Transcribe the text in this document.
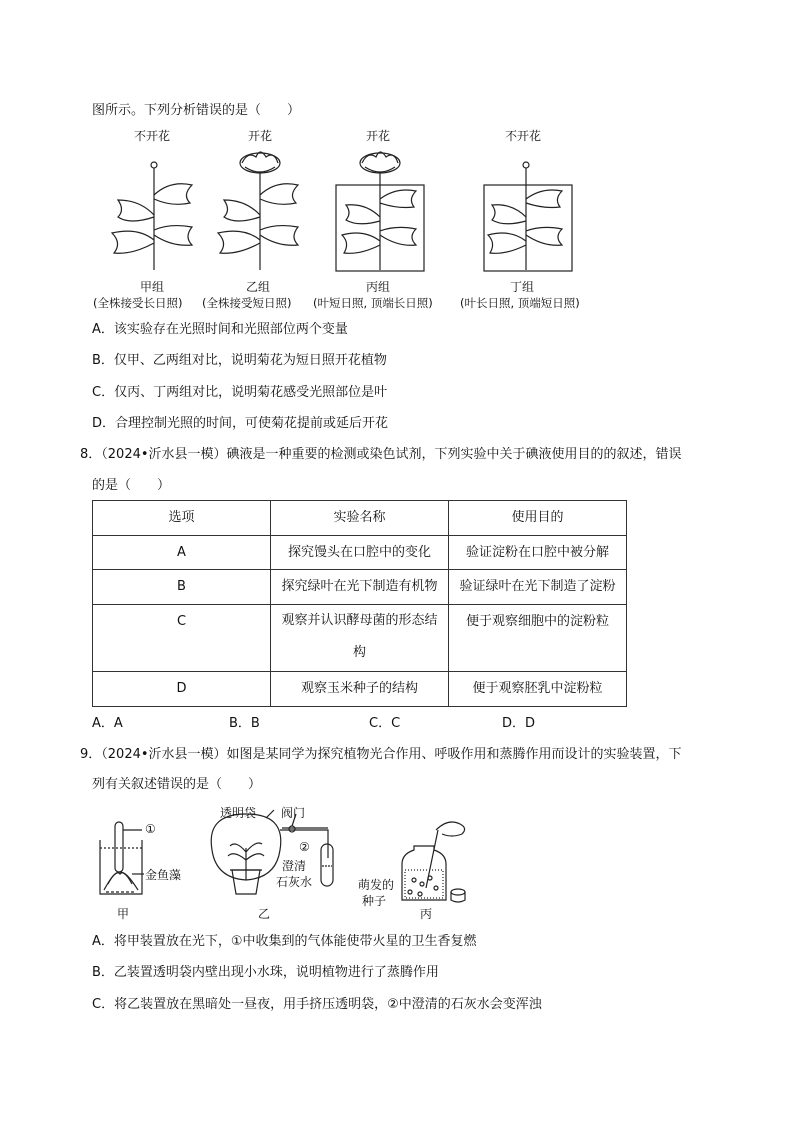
图所示。下列分析错误的是（　　）
不开花	开花	开花	不开花
甲组	乙组	丙组	丁组
(全株接受长日照) (全株接受短日照) (叶短日照, 顶端长日照) (叶长日照, 顶端短日照)
A．该实验存在光照时间和光照部位两个变量
B．仅甲、乙两组对比，说明菊花为短日照开花植物
C．仅丙、丁两组对比，说明菊花感受光照部位是叶
D．合理控制光照的时间，可使菊花提前或延后开花
8．（2024•沂水县一模）碘液是一种重要的检测或染色试剂，下列实验中关于碘液使用目的的叙述，错误
的是（　　）
选项	实验名称	使用目的
A	探究馒头在口腔中的变化	验证淀粉在口腔中被分解
B	探究绿叶在光下制造有机物	验证绿叶在光下制造了淀粉
C	观察并认识酵母菌的形态结
构	便于观察细胞中的淀粉粒
D	观察玉米种子的结构	便于观察胚乳中淀粉粒
A．A	B．B	C．C	D．D
9．（2024•沂水县一模）如图是某同学为探究植物光合作用、呼吸作用和蒸腾作用而设计的实验装置，下
列有关叙述错误的是（　　）
①
金鱼藻
甲
透明袋 阀门
②
澄清
石灰水
乙
萌发的
种子
丙
A．将甲装置放在光下，①中收集到的气体能使带火星的卫生香复燃
B．乙装置透明袋内壁出现小水珠，说明植物进行了蒸腾作用
C．将乙装置放在黑暗处一昼夜，用手挤压透明袋，②中澄清的石灰水会变浑浊
